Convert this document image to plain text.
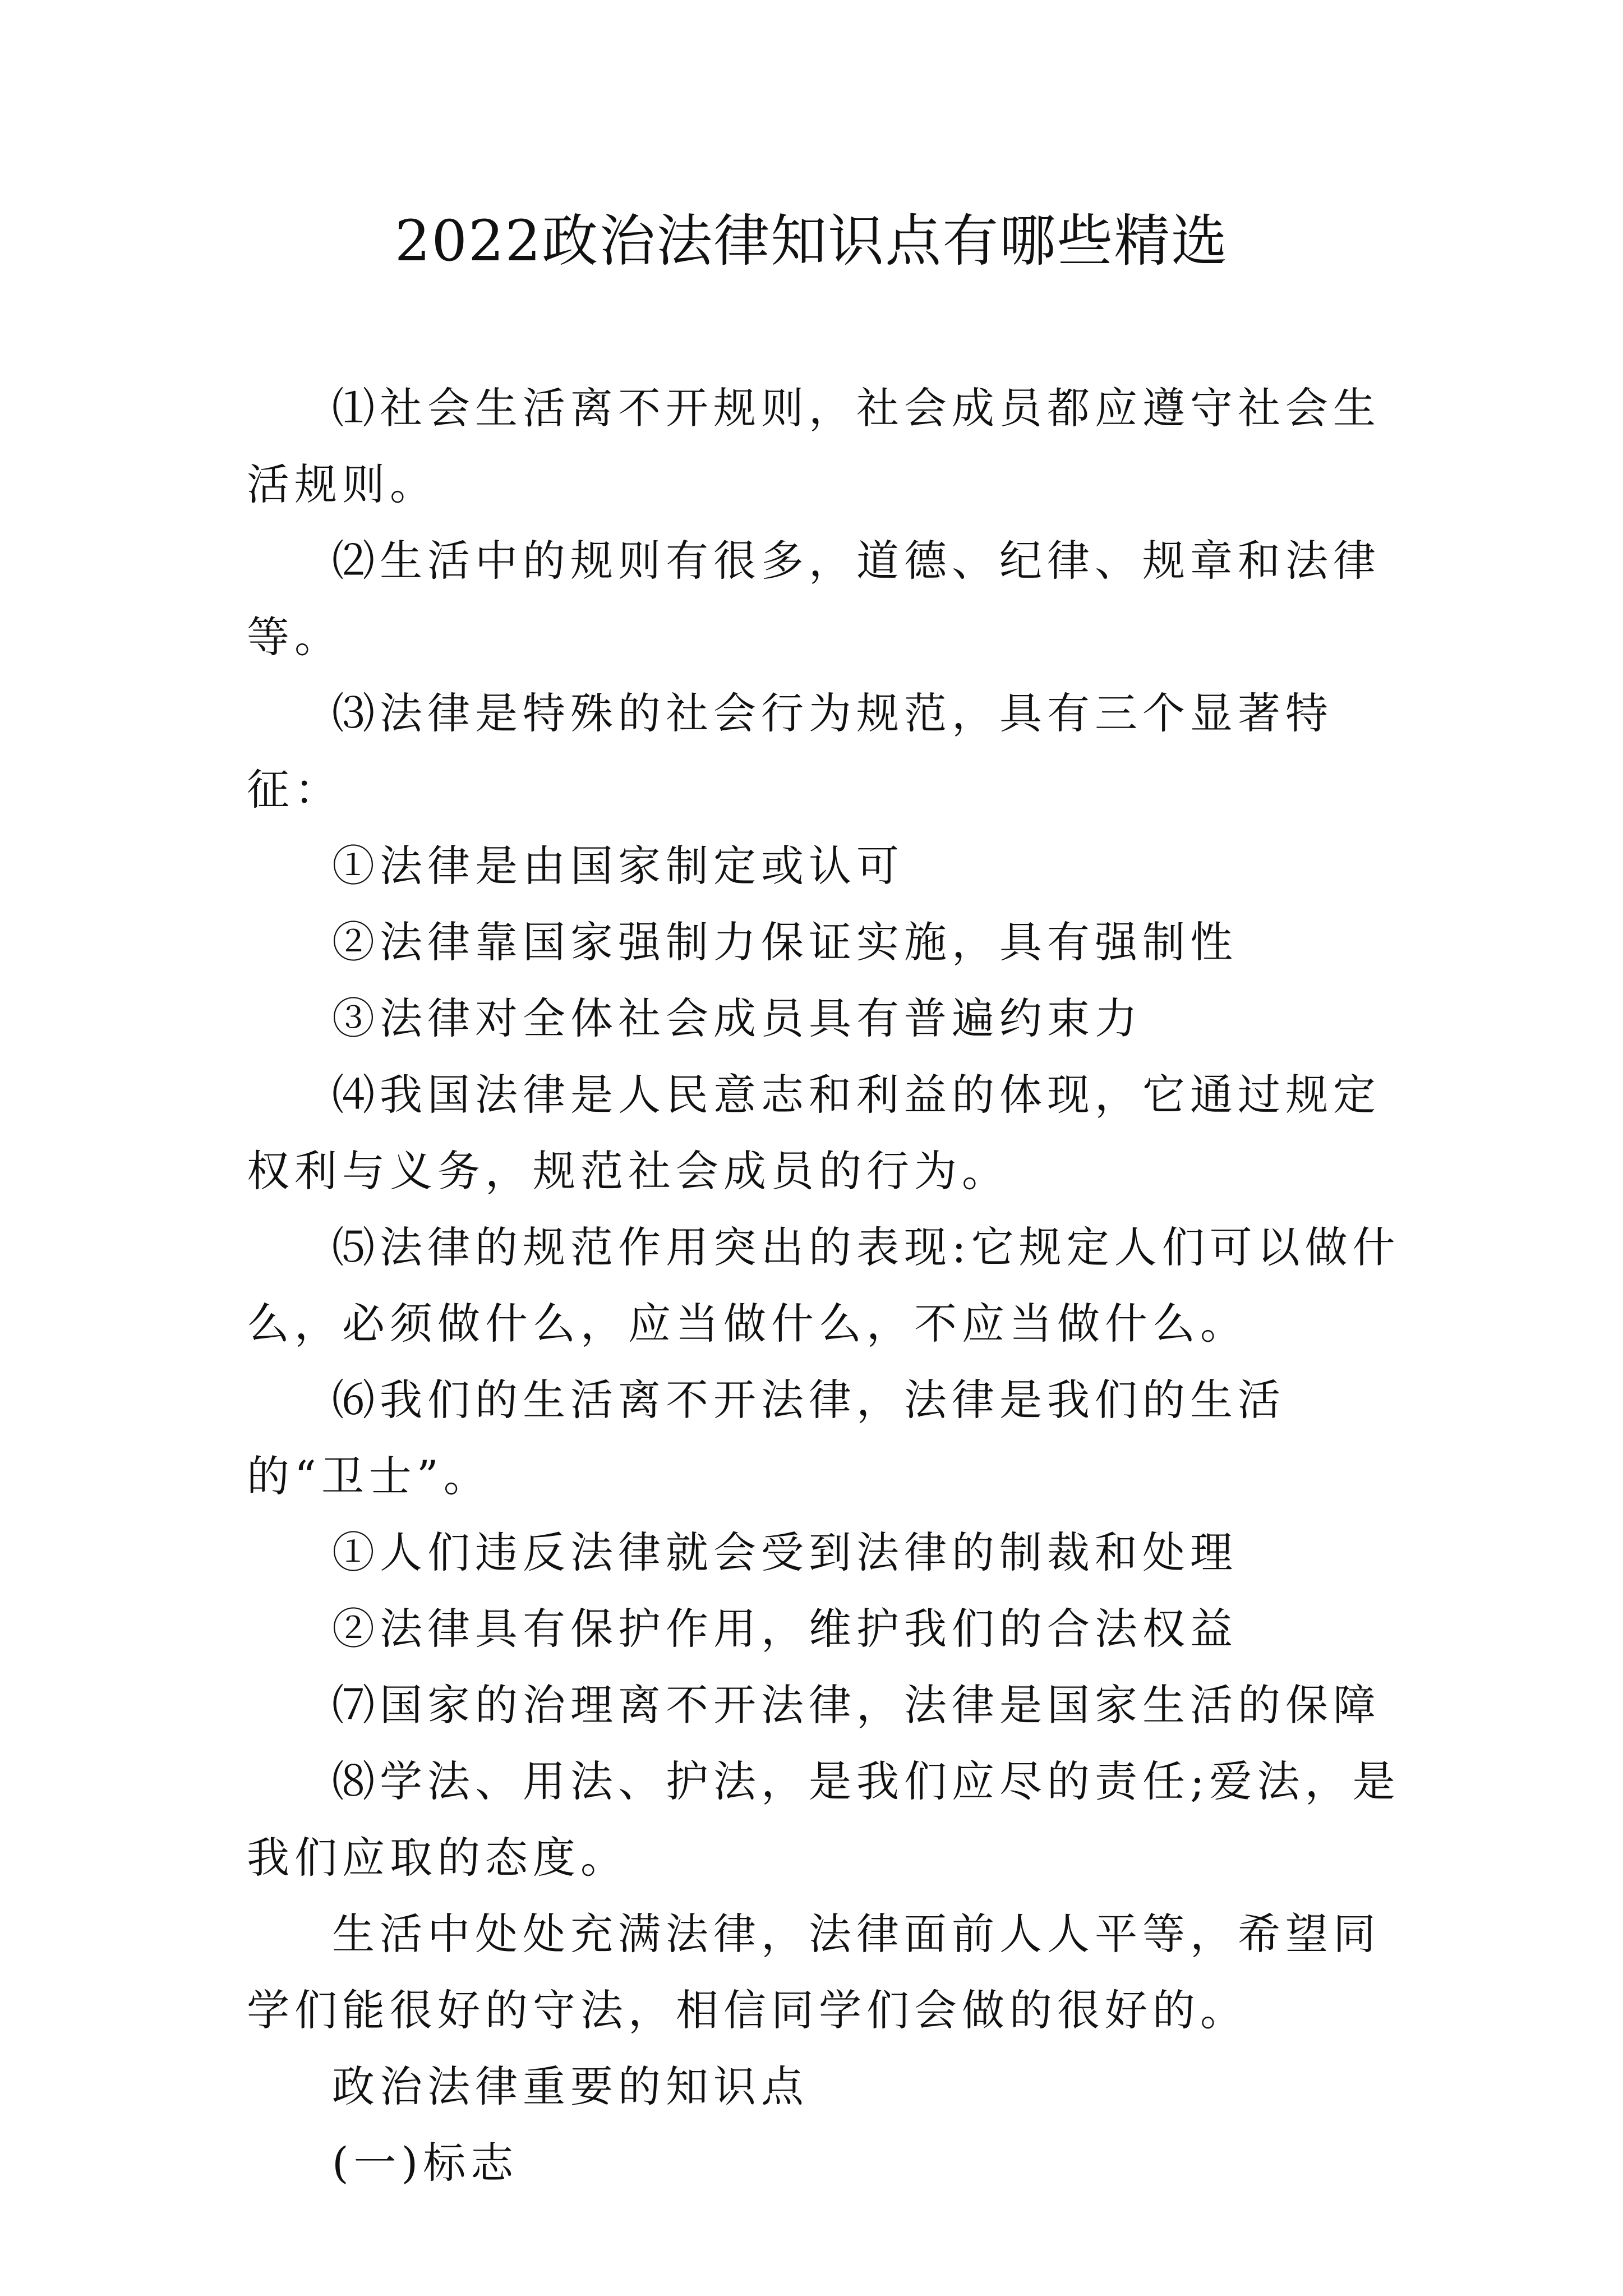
2022政治法律知识点有哪些精选

⑴社会生活离不开规则，社会成员都应遵守社会生活规则。

⑵生活中的规则有很多，道德、纪律、规章和法律等。

⑶法律是特殊的社会行为规范，具有三个显著特征：

①法律是由国家制定或认可

②法律靠国家强制力保证实施，具有强制性

③法律对全体社会成员具有普遍约束力

⑷我国法律是人民意志和利益的体现，它通过规定权利与义务，规范社会成员的行为。

⑸法律的规范作用突出的表现:它规定人们可以做什么，必须做什么，应当做什么，不应当做什么。

⑹我们的生活离不开法律，法律是我们的生活的“卫士”。

①人们违反法律就会受到法律的制裁和处理

②法律具有保护作用，维护我们的合法权益

⑺国家的治理离不开法律，法律是国家生活的保障

⑻学法、用法、护法，是我们应尽的责任;爱法，是我们应取的态度。

生活中处处充满法律，法律面前人人平等，希望同学们能很好的守法，相信同学们会做的很好的。

政治法律重要的知识点

(一)标志
